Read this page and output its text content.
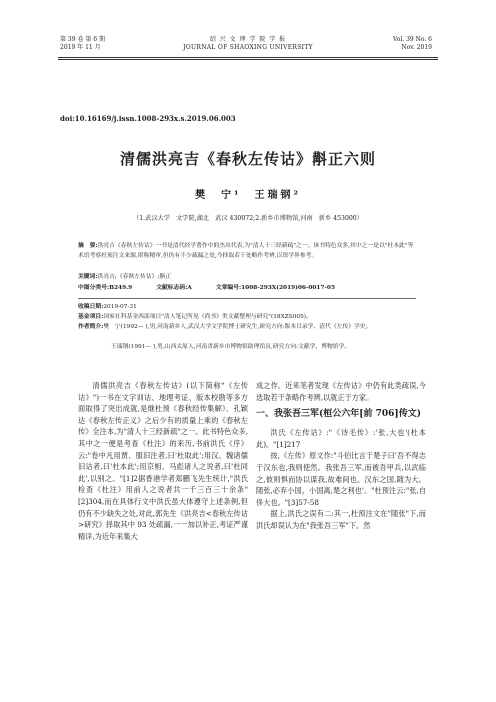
第 39 卷 第 6 期
2019 年 11 月
绍 兴 文 理 学 院 学 报
JOURNAL OF SHAOXING UNIVERSITY
Vol. 39 No. 6
Nov. 2019
doi:10.16169/j.issn.1008-293x.s.2019.06.003
清儒洪亮吉《春秋左传诂》斠正六则
樊　宁¹　王瑞钢²
（1.武汉大学　文学院,湖北　武汉 430072;2.新乡市博物馆,河南　新乡 453000）
摘　要:洪亮吉《春秋左传诂》一书是清代经学著作中的杰出代表,为"清人十三经新疏"之一。该书特色众多,其中之一是以"杜本此"等术语考察杜预注文来源,堪称精审,但仍有不少疏漏之处,今择取若干处略作考辨,以资学界参考。
关键词:洪亮吉;《春秋左传诂》;斠正
中图分类号:B249.9	文献标志码:A	文章编号:1008-293X(2019)06-0017-05
收稿日期:2019-07-31
基金项目:国家社科基金西部项目"清人笔记所见《尚书》类文献整理与研究"(18XZS005)。
作者简介:樊　宁(1992— ),男,河南新乡人,武汉大学文学院博士研究生,研究方向:版本目录学、清代《左传》学史。
王瑞钢(1991— ),男,山西太原人,河南省新乡市博物馆助理馆员,研究方向:文献学、博物馆学。

清儒洪亮吉《春秋左传诂》(以下简称"《左传诂》")一书在文字训诂、地理考证、版本校勘等多方面取得了突出成就,是继杜预《春秋经传集解》、孔颖达《春秋左传正义》之后少有的质量上乘的《春秋左传》全注本,为"清人十三经新疏"之一。此书特色众多,其中之一便是考查《杜注》的来历,书前洪氏《序》云:"卷中凡用贾、服旧注者,曰'杜取此';用汉、魏诸儒旧诂者,曰'杜本此';用京相、马彪诸人之说者,曰'杜同此',以别之。"[1]2据香港学者郑鹏飞先生统计,"洪氏检查《杜注》用前人之说者共一千三百三十余条"[2]304,而在具体行文中洪氏虽大体遵守上述条例,但仍有不少缺失之处,对此,郭先生《洪亮吉<春秋左传诂>研究》择取其中 93 处疏漏,一一加以补正,考证严谨精详,为近年来集大

成之作。近来笔者发现《左传诂》中仍有此类疏误,今选取若干条略作考辨,以就正于方家。

一、我张吾三军(桓公六年[前 706]传文)

洪氏《左传诂》:"《诗毛传》:'张,大也'(杜本此)。"[1]217

按,《左传》原文作:"斗伯比言于楚子曰'吾不得志于汉东也,我则使然。我张吾三军,而被吾甲兵,以武临之,彼则惧而协以谋我,故难间也。汉东之国,随为大。随张,必弃小国。小国离,楚之利也'。"杜预注云:"张,自侈大也。"[3]57-58

据上,洪氏之误有二:其一,杜预注文在"随张"下,而洪氏却误认为在"我张吾三军"下。然
